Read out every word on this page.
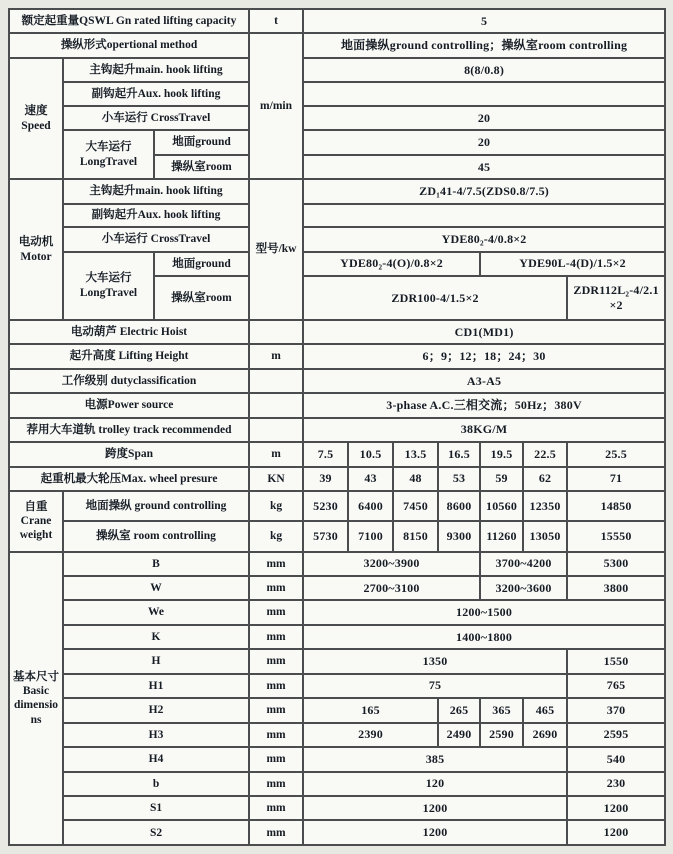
额定起重量QSWL Gn rated lifting capacity			t	5						
操纵形式opertional method			m/min	地面操纵ground controlling；操纵室room controlling						
速度 Speed	主钩起升main. hook lifting			8(8/0.8)						
	副钩起升Aux. hook lifting									
	小车运行 CrossTravel			20						
	大车运行 LongTravel	地面ground		20						
		操纵室room		45						
电动机 Motor	主钩起升main. hook lifting		型号/kw	ZD₁41-4/7.5(ZDS0.8/7.5)						
	副钩起升Aux. hook lifting									
	小车运行 CrossTravel			YDE80₂-4/0.8×2						
	大车运行 LongTravel	地面ground		YDE80₂-4(O)/0.8×2				YDE90L-4(D)/1.5×2		
		操纵室room		ZDR100-4/1.5×2						ZDR112L₂-4/2.1×2
电动葫芦 Electric Hoist				CD1(MD1)						
起升高度 Lifting Height			m	6；9；12；18；24；30						
工作级别 dutyclassification				A3-A5						
电源Power source				3-phase A.C.三相交流；50Hz；380V						
荐用大车道轨 trolley track recommended				38KG/M						
跨度Span			m	7.5	10.5	13.5	16.5	19.5	22.5	25.5
起重机最大轮压Max. wheel presure			KN	39	43	48	53	59	62	71
自重 Crane weight	地面操纵 ground controlling		kg	5230	6400	7450	8600	10560	12350	14850
	操纵室 room controlling		kg	5730	7100	8150	9300	11260	13050	15550
基本尺寸 Basic dimensions	B		mm	3200~3900				3700~4200		5300
	W		mm	2700~3100				3200~3600		3800
	We		mm	1200~1500						
	K		mm	1400~1800						
	H		mm	1350						1550
	H1		mm	75						765
	H2		mm	165			265	365	465	370
	H3		mm	2390			2490	2590	2690	2595
	H4		mm	385						540
	b		mm	120						230
	S1		mm	1200						1200
	S2		mm	1200						1200
